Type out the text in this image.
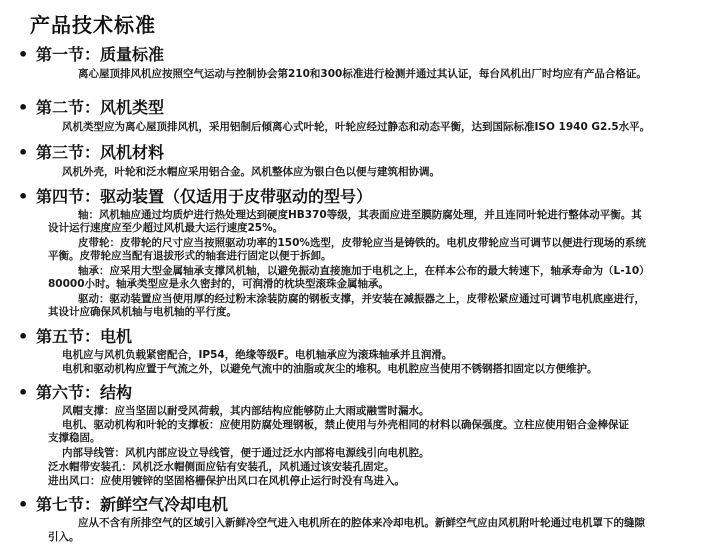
产品技术标准
• 第一节：质量标准
离心屋顶排风机应按照空气运动与控制协会第210和300标准进行检测并通过其认证，每台风机出厂时均应有产品合格证。
• 第二节：风机类型
风机类型应为离心屋顶排风机，采用铝制后倾离心式叶轮，叶轮应经过静态和动态平衡，达到国际标准ISO 1940 G2.5水平。
• 第三节：风机材料
风机外壳，叶轮和泛水帽应采用铝合金。风机整体应为银白色以便与建筑相协调。
• 第四节：驱动装置（仅适用于皮带驱动的型号）
轴：风机轴应通过均质炉进行热处理达到硬度HB370等级，其表面应进至膜防腐处理，并且连同叶轮进行整体动平衡。其
设计运行速度应至少超过风机最大运行速度25%。
皮带轮：皮带轮的尺寸应当按照驱动功率的150%选型，皮带轮应当是铸铁的。电机皮带轮应当可调节以便进行现场的系统
平衡。皮带轮应当配有退拔形式的轴套进行固定以便于拆卸。
轴承：应采用大型金属轴承支撑风机轴，以避免振动直接施加于电机之上，在样本公布的最大转速下，轴承寿命为（L-10）
80000小时。轴承类型应是永久密封的，可润滑的枕块型滚珠金属轴承。
驱动：驱动装置应当使用厚的经过粉末涂装防腐的钢板支撑，并安装在减振器之上，皮带松紧应通过可调节电机底座进行，
其设计应确保风机轴与电机轴的平行度。
• 第五节：电机
电机应与风机负载紧密配合，IP54，绝缘等级F。电机轴承应为滚珠轴承并且润滑。
电机和驱动机构应置于气流之外，以避免气流中的油脂或灰尘的堆积。电机腔应当使用不锈钢搭扣固定以方便维护。
• 第六节：结构
风帽支撑：应当坚固以耐受风荷载，其内部结构应能够防止大雨或融雪时漏水。
电机、驱动机构和叶轮的支撑板：应使用防腐处理钢板，禁止使用与外壳相同的材料以确保强度。立柱应使用铝合金棒保证
支撑稳固。
内部导线管：风机内部应设立导线管，便于通过泛水内部将电源线引向电机腔。
泛水帽带安装孔：风机泛水帽侧面应钻有安装孔，风机通过该安装孔固定。
进出风口：应使用镀锌的坚固格栅保护出风口在风机停止运行时没有鸟进入。
• 第七节：新鲜空气冷却电机
应从不含有所排空气的区域引入新鲜冷空气进入电机所在的腔体来冷却电机。新鲜空气应由风机附叶轮通过电机罩下的缝隙
引入。
